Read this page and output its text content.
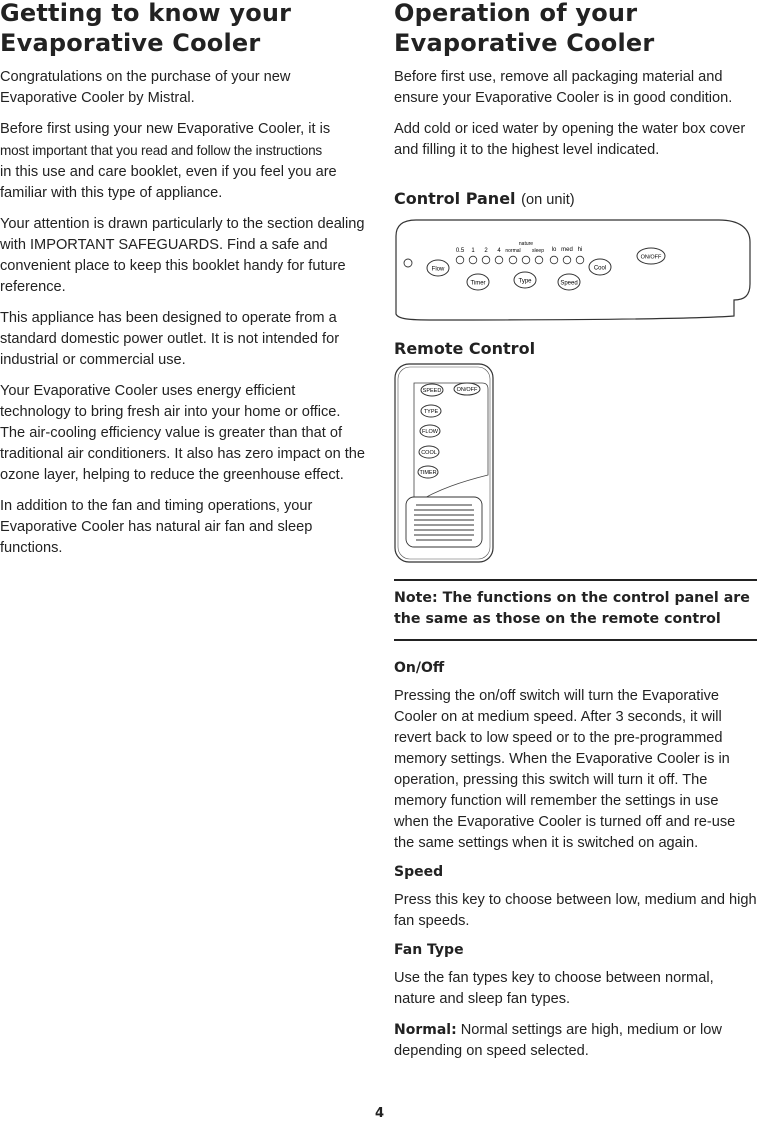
Getting to know your
Evaporative Cooler

Congratulations on the purchase of your new Evaporative Cooler by Mistral.

Before first using your new Evaporative Cooler, it is
most important that you read and follow the instructions
in this use and care booklet, even if you feel you are familiar with this type of appliance.

Your attention is drawn particularly to the section dealing with IMPORTANT SAFEGUARDS. Find a safe and convenient place to keep this booklet handy for future reference.

This appliance has been designed to operate from a standard domestic power outlet. It is not intended for industrial or commercial use.

Your Evaporative Cooler uses energy efficient technology to bring fresh air into your home or office. The air-cooling efficiency value is greater than that of traditional air conditioners. It also has zero impact on the ozone layer, helping to reduce the greenhouse effect.

In addition to the fan and timing operations, your Evaporative Cooler has natural air fan and sleep functions.

Operation of your
Evaporative Cooler

Before first use, remove all packaging material and ensure your Evaporative Cooler is in good condition.

Add cold or iced water by opening the water box cover and filling it to the highest level indicated.

Control Panel (on unit)
Flow
0.5 1 2 4 normal
nature
sleep lo med hi
Timer	Type	Speed
Cool
ON/OFF
Remote Control
SPEED	ON/OFF
TYPE
FLOW
COOL
TIMER

Note: The functions on the control panel are the same as those on the remote control

On/Off

Pressing the on/off switch will turn the Evaporative Cooler on at medium speed. After 3 seconds, it will revert back to low speed or to the pre-programmed memory settings. When the Evaporative Cooler is in operation, pressing this switch will turn it off. The memory function will remember the settings in use when the Evaporative Cooler is turned off and re-use the same settings when it is switched on again.

Speed

Press this key to choose between low, medium and high fan speeds.

Fan Type

Use the fan types key to choose between normal, nature and sleep fan types.

Normal: Normal settings are high, medium or low depending on speed selected.

4
